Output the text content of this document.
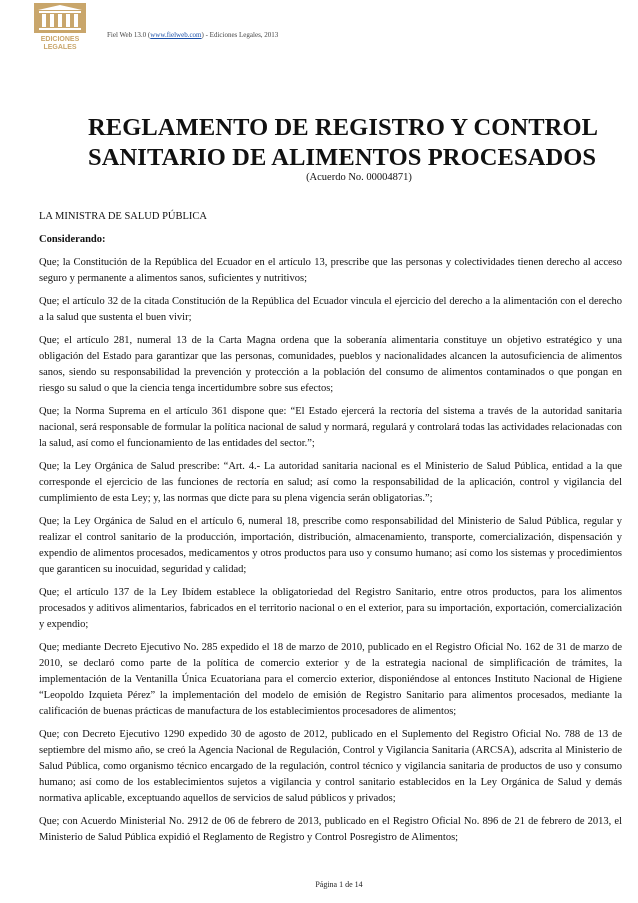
EDICIONES
LEGALES
Fiel Web 13.0 (www.fielweb.com) - Ediciones Legales, 2013
REGLAMENTO DE REGISTRO Y CONTROL
SANITARIO DE ALIMENTOS PROCESADOS
(Acuerdo No. 00004871)
LA MINISTRA DE SALUD PÚBLICA
Considerando:
Que; la Constitución de la República del Ecuador en el artículo 13, prescribe que las personas y colectividades tienen derecho al acceso seguro y permanente a alimentos sanos, suficientes y nutritivos;
Que; el artículo 32 de la citada Constitución de la República del Ecuador vincula el ejercicio del derecho a la alimentación con el derecho a la salud que sustenta el buen vivir;
Que; el artículo 281, numeral 13 de la Carta Magna ordena que la soberanía alimentaria constituye un objetivo estratégico y una obligación del Estado para garantizar que las personas, comunidades, pueblos y nacionalidades alcancen la autosuficiencia de alimentos sanos, siendo su responsabilidad la prevención y protección a la población del consumo de alimentos contaminados o que pongan en riesgo su salud o que la ciencia tenga incertidumbre sobre sus efectos;
Que; la Norma Suprema en el artículo 361 dispone que: “El Estado ejercerá la rectoría del sistema a través de la autoridad sanitaria nacional, será responsable de formular la política nacional de salud y normará, regulará y controlará todas las actividades relacionadas con la salud, así como el funcionamiento de las entidades del sector.”;
Que; la Ley Orgánica de Salud prescribe: “Art. 4.- La autoridad sanitaria nacional es el Ministerio de Salud Pública, entidad a la que corresponde el ejercicio de las funciones de rectoría en salud; así como la responsabilidad de la aplicación, control y vigilancia del cumplimiento de esta Ley; y, las normas que dicte para su plena vigencia serán obligatorias.”;
Que; la Ley Orgánica de Salud en el artículo 6, numeral 18, prescribe como responsabilidad del Ministerio de Salud Pública, regular y realizar el control sanitario de la producción, importación, distribución, almacenamiento, transporte, comercialización, dispensación y expendio de alimentos procesados, medicamentos y otros productos para uso y consumo humano; así como los sistemas y procedimientos que garanticen su inocuidad, seguridad y calidad;
Que; el artículo 137 de la Ley Ibídem establece la obligatoriedad del Registro Sanitario, entre otros productos, para los alimentos procesados y aditivos alimentarios, fabricados en el territorio nacional o en el exterior, para su importación, exportación, comercialización y expendio;
Que; mediante Decreto Ejecutivo No. 285 expedido el 18 de marzo de 2010, publicado en el Registro Oficial No. 162 de 31 de marzo de 2010, se declaró como parte de la política de comercio exterior y de la estrategia nacional de simplificación de trámites, la implementación de la Ventanilla Única Ecuatoriana para el comercio exterior, disponiéndose al entonces Instituto Nacional de Higiene “Leopoldo Izquieta Pérez” la implementación del modelo de emisión de Registro Sanitario para alimentos procesados, mediante la calificación de buenas prácticas de manufactura de los establecimientos procesadores de alimentos;
Que; con Decreto Ejecutivo 1290 expedido 30 de agosto de 2012, publicado en el Suplemento del Registro Oficial No. 788 de 13 de septiembre del mismo año, se creó la Agencia Nacional de Regulación, Control y Vigilancia Sanitaria (ARCSA), adscrita al Ministerio de Salud Pública, como organismo técnico encargado de la regulación, control técnico y vigilancia sanitaria de productos de uso y consumo humano; así como de los establecimientos sujetos a vigilancia y control sanitario establecidos en la Ley Orgánica de Salud y demás normativa aplicable, exceptuando aquellos de servicios de salud públicos y privados;
Que; con Acuerdo Ministerial No. 2912 de 06 de febrero de 2013, publicado en el Registro Oficial No. 896 de 21 de febrero de 2013, el Ministerio de Salud Pública expidió el Reglamento de Registro y Control Posregistro de Alimentos;
Página 1 de 14
